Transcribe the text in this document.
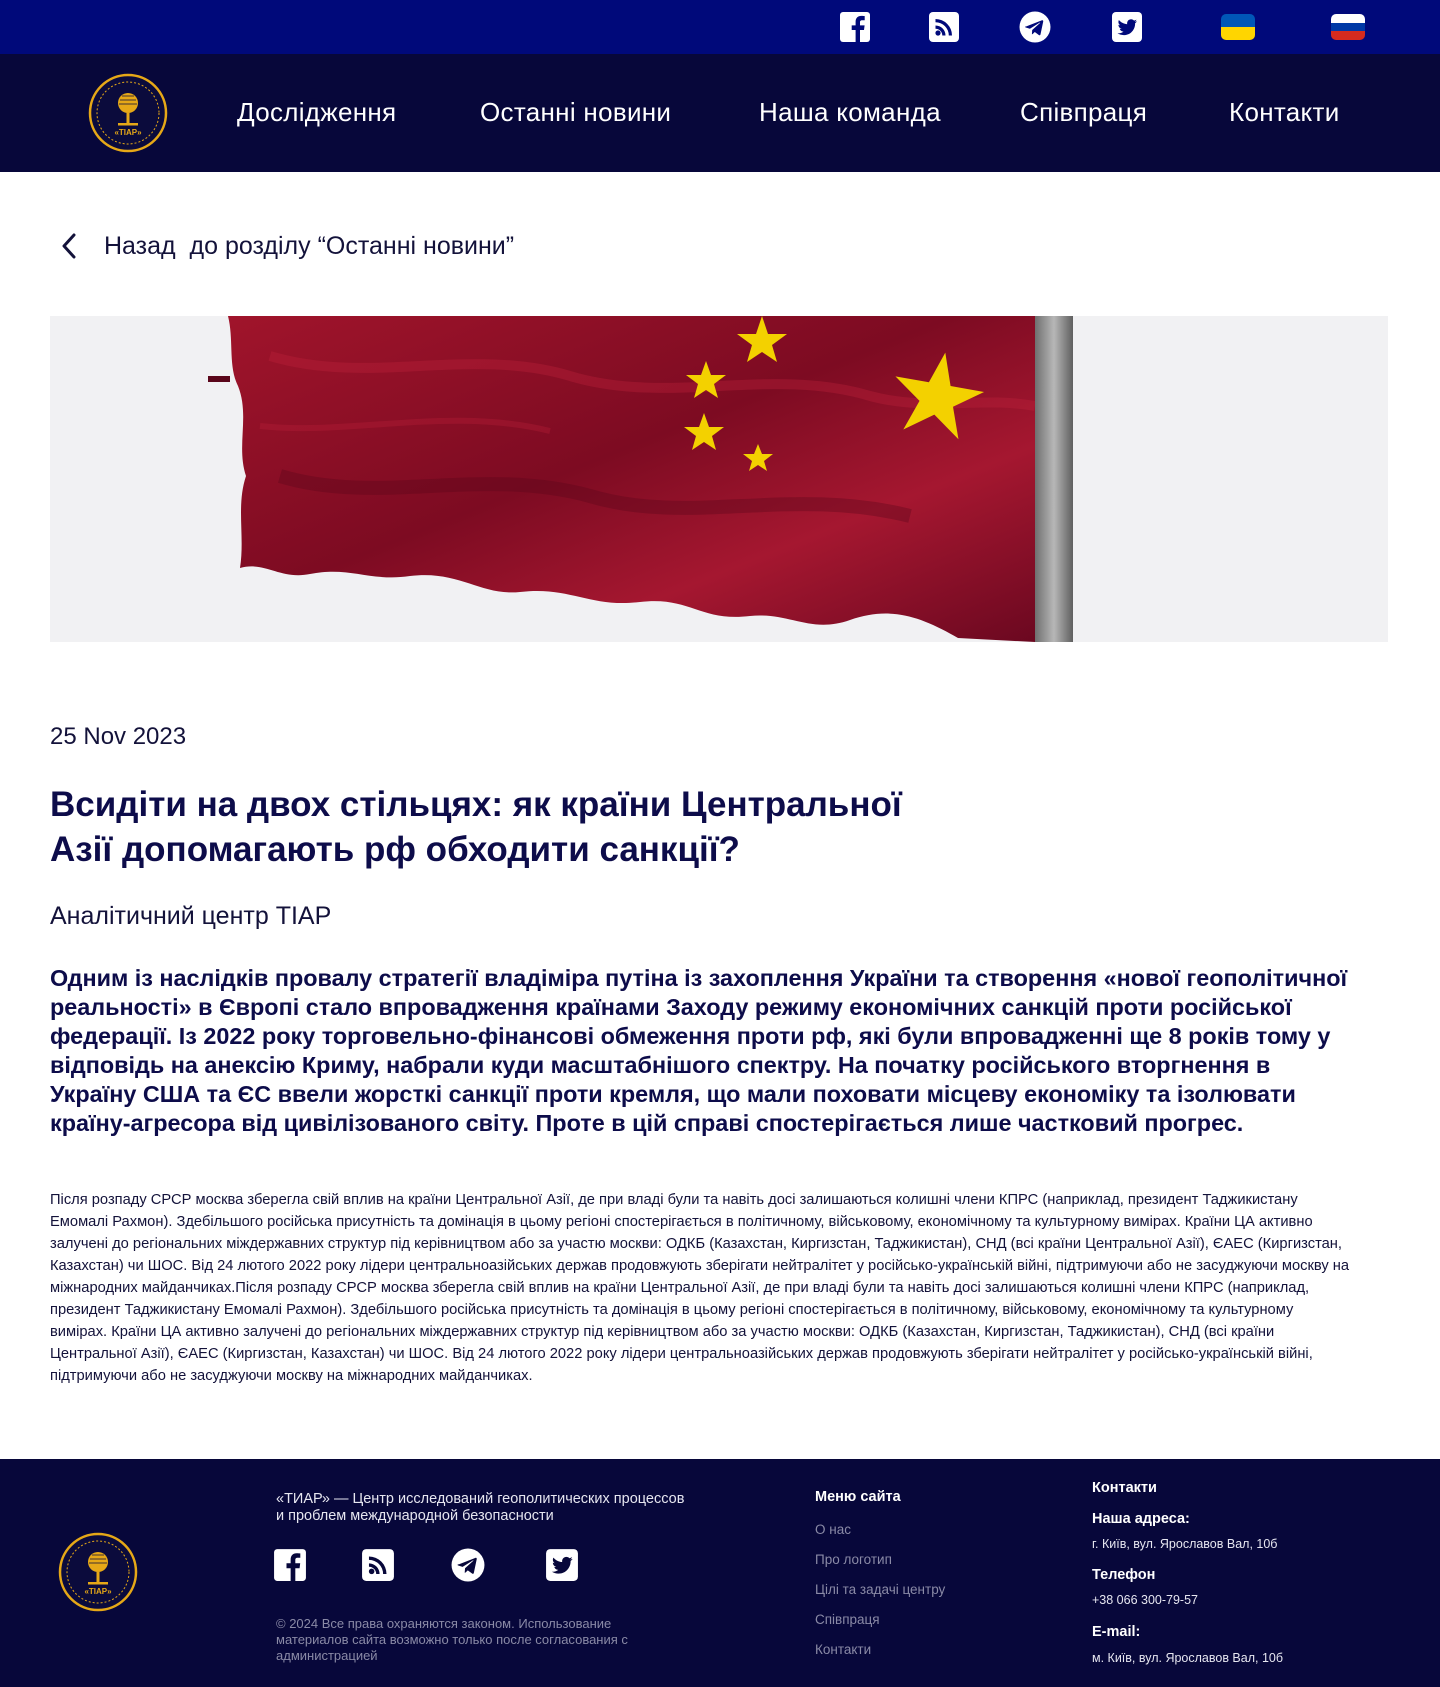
«ТІАР»
Дослідження	Останні новини	Наша команда	Співпраця	Контакти
Назад  до розділу “Останні новини”
25 Nov 2023
Всидіти на двох стільцях: як країни Центральної
Азії допомагають рф обходити санкції?
Аналітичний центр ТІАР

Одним із наслідків провалу стратегії владіміра путіна із захоплення України та створення «нової геополітичної реальності» в Європі стало впровадження країнами Заходу режиму економічних санкцій проти російської федерації. Із 2022 року торговельно-фінансові обмеження проти рф, які були впровадженні ще 8 років тому у відповідь на анексію Криму, набрали куди масштабнішого спектру. На початку російського вторгнення в Україну США та ЄС ввели жорсткі санкції проти кремля, що мали поховати місцеву економіку та ізолювати країну-агресора від цивілізованого світу. Проте в цій справі спостерігається лише частковий прогрес.

Після розпаду СРСР москва зберегла свій вплив на країни Центральної Азії, де при владі були та навіть досі залишаються колишні члени КПРС (наприклад, президент Таджикистану Емомалі Рахмон). Здебільшого російська присутність та домінація в цьому регіоні спостерігається в політичному, військовому, економічному та культурному вимірах. Країни ЦА активно залучені до регіональних міждержавних структур під керівництвом або за участю москви: ОДКБ (Казахстан, Киргизстан, Таджикистан), СНД (всі країни Центральної Азії), ЄАЕС (Киргизстан, Казахстан) чи ШОС. Від 24 лютого 2022 року лідери центральноазійських держав продовжують зберігати нейтралітет у російсько-українській війні, підтримуючи або не засуджуючи москву на міжнародних майданчиках.Після розпаду СРСР москва зберегла свій вплив на країни Центральної Азії, де при владі були та навіть досі залишаються колишні члени КПРС (наприклад, президент Таджикистану Емомалі Рахмон). Здебільшого російська присутність та домінація в цьому регіоні спостерігається в політичному, військовому, економічному та культурному вимірах. Країни ЦА активно залучені до регіональних міждержавних структур під керівництвом або за участю москви: ОДКБ (Казахстан, Киргизстан, Таджикистан), СНД (всі країни Центральної Азії), ЄАЕС (Киргизстан, Казахстан) чи ШОС. Від 24 лютого 2022 року лідери центральноазійських держав продовжують зберігати нейтралітет у російсько-українській війні, підтримуючи або не засуджуючи москву на міжнародних майданчиках.

«ТІАР»
«ТИАР» — Центр исследований геополитических процессов и проблем международной безопасности
© 2024 Все права охраняются законом. Использование материалов сайта возможно только после согласования с администрацией
Меню сайта
О нас
Про логотип
Цілі та задачі центру
Співпраця
Контакти
Контакти
Наша адреса:
г. Київ, вул. Ярославов Вал, 10б
Телефон
+38 066 300-79-57
E-mail:
м. Київ, вул. Ярославов Вал, 10б
